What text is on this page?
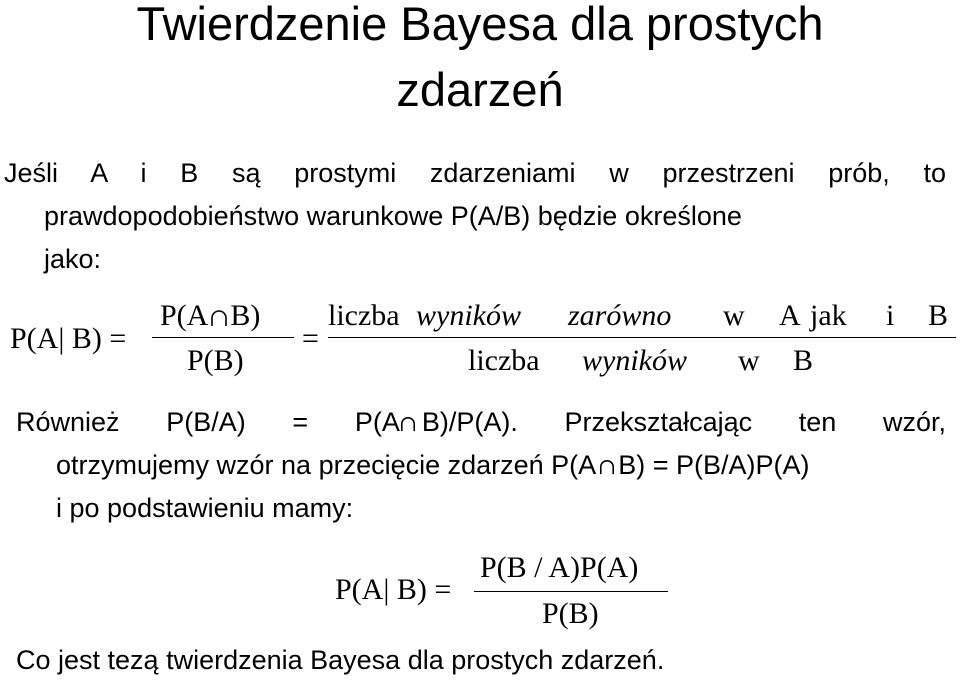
Twierdzenie Bayesa dla prostych
zdarzeń
Jeśli A i B są prostymi zdarzeniami w przestrzeni prób, to
prawdopodobieństwo warunkowe P(A/B) będzie określone
jako:
P(A| B) =
P(A B)
P(B)
=
liczba wyników zarówno w A jak i B
liczba wyników w B
Również P(B/A) = P(A B)/P(A). Przekształcając ten wzór,
otrzymujemy wzór na przecięcie zdarzeń P(A B) = P(B/A)P(A)
i po podstawieniu mamy:
P(A| B) =
P(B / A)P(A)
P(B)
Co jest tezą twierdzenia Bayesa dla prostych zdarzeń.
